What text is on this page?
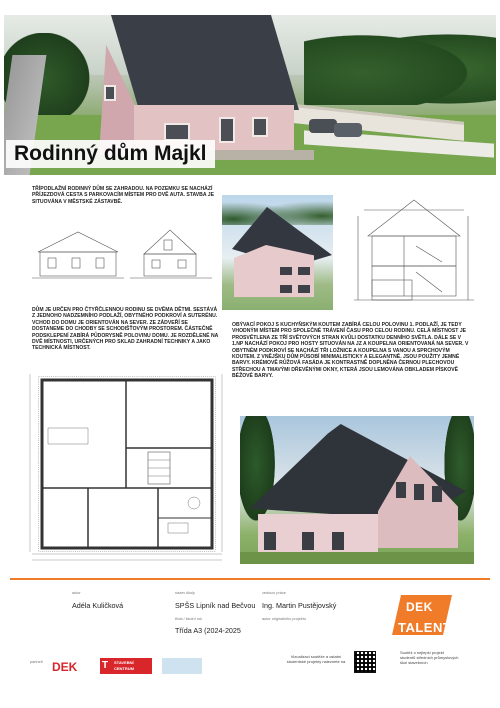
Rodinný dům Majkl

TŘÍPODLAŽNÍ RODINNÝ DŮM SE ZAHRADOU. NA POZEMKU SE NACHÁZÍ PŘÍJEZDOVÁ CESTA S PARKOVACÍM MÍSTEM PRO DVĚ AUTA. STAVBA JE SITUOVÁNA V MĚSTSKÉ ZÁSTAVBĚ.

DŮM JE URČEN PRO ČTYŘČLENNOU RODINU SE DVĚMA DĚTMI. SESTÁVÁ Z JEDNOHO NADZEMNÍHO PODLAŽÍ, OBYTNÉHO PODKROVÍ A SUTERÉNU. VCHOD DO DOMU JE ORIENTOVÁN NA SEVER. ZE ZÁDVEŘÍ SE DOSTANEME DO CHODBY SE SCHODIŠŤOVÝM PROSTOREM. ČÁSTEČNĚ PODSKLEPENÍ ZABÍRÁ PŮDORYSNĚ POLOVINU DOMU. JE ROZDĚLENÉ NA DVĚ MÍSTNOSTI, URČENÝCH PRO SKLAD ZAHRADNÍ TECHNIKY A JAKO TECHNICKÁ MÍSTNOST.

OBÝVACÍ POKOJ S KUCHYŇSKÝM KOUTEM ZABÍRÁ CELOU POLOVINU 1. PODLAŽÍ, JE TEDY VHODNÝM MÍSTEM PRO SPOLEČNÉ TRÁVENÍ ČASU PRO CELOU RODINU. CELÁ MÍSTNOST JE PROSVĚTLENA ZE TŘÍ SVĚTOVÝCH STRAN KVŮLI DOSTATKU DENNÍHO SVĚTLA. DÁLE SE V 1.NP NACHÁZÍ POKOJ PRO HOSTY SITUOVÁN NA JZ A KOUPELNA ORIENTOVANÁ NA SEVER. V OBYTNÉM PODKROVÍ SE NACHÁZÍ TŘI LOŽNICE A KOUPELNA S VANOU A SPRCHOVÝM KOUTEM. Z VNĚJŠKU DŮM PŮSOBÍ MINIMALISTICKY A ELEGANTNĚ. JSOU POUŽITY JEMNÉ BARVY. KRÉMOVĚ RŮŽOVÁ FASÁDA JE KONTRASTNĚ DOPLNĚNA ČERNOU PLECHOVOU STŘECHOU A TMAVÝMI DŘEVĚNÝMI OKNY, KTERÁ JSOU LEMOVÁNA OBKLADEM PÍSKOVĚ BÉŽOVÉ BARVY.

autor
Adéla Kuličková
název školy
SPŠS Lipník nad Bečvou
třída / školní rok
Třída A3 (2024-2025
vedoucí práce
Ing. Martin Pustějovský
autor originálního projektu
DEK
TALENT
partneři DEK	STAVEBNÍ
CENTRUM
T
Vizualizaci soutěže a ostatní studentské projekty naleznete na
Soutěž o nejlepší projekt studentů středních průmyslových škol stavebních
